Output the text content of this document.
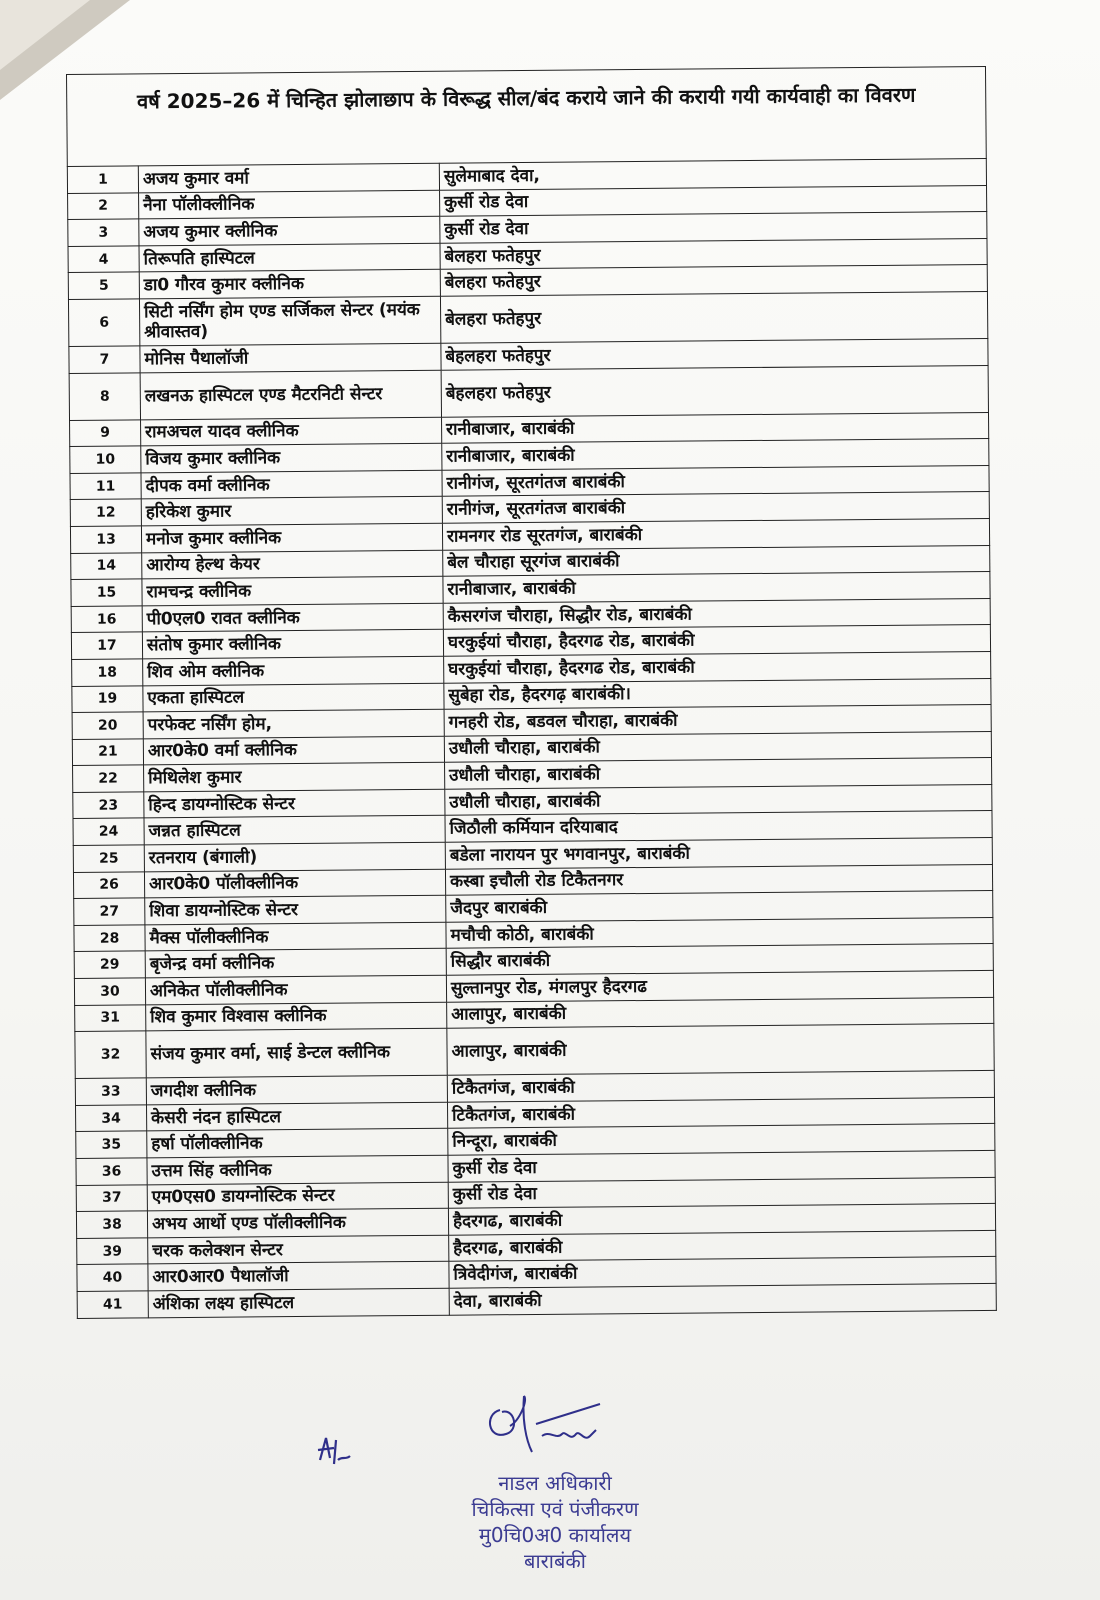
वर्ष 2025–26 में चिन्हित झोलाछाप के विरूद्ध सील/बंद कराये जाने की करायी गयी कार्यवाही का विवरण
1	अजय कुमार वर्मा	सुलेमाबाद देवा,
2	नैना पॉलीक्लीनिक	कुर्सी रोड देवा
3	अजय कुमार क्लीनिक	कुर्सी रोड देवा
4	तिरूपति हास्पिटल	बेलहरा फतेहपुर
5	डा0 गौरव कुमार क्लीनिक	बेलहरा फतेहपुर
6	सिटी नर्सिंग होम एण्ड सर्जिकल सेन्टर (मयंक श्रीवास्तव)	बेलहरा फतेहपुर
7	मोनिस पैथालॉजी	बेहलहरा फतेहपुर
8	लखनऊ हास्पिटल एण्ड मैटरनिटी सेन्टर	बेहलहरा फतेहपुर
9	रामअचल यादव क्लीनिक	रानीबाजार, बाराबंकी
10	विजय कुमार क्लीनिक	रानीबाजार, बाराबंकी
11	दीपक वर्मा क्लीनिक	रानीगंज, सूरतगंतज बाराबंकी
12	हरिकेश कुमार	रानीगंज, सूरतगंतज बाराबंकी
13	मनोज कुमार क्लीनिक	रामनगर रोड सूरतगंज, बाराबंकी
14	आरोग्य हेल्थ केयर	बेल चौराहा सूरगंज बाराबंकी
15	रामचन्द्र क्लीनिक	रानीबाजार, बाराबंकी
16	पी0एल0 रावत क्लीनिक	कैसरगंज चौराहा, सिद्धौर रोड, बाराबंकी
17	संतोष कुमार क्लीनिक	घरकुईयां चौराहा, हैदरगढ रोड, बाराबंकी
18	शिव ओम क्लीनिक	घरकुईयां चौराहा, हैदरगढ रोड, बाराबंकी
19	एकता हास्पिटल	सुबेहा रोड, हैदरगढ़ बाराबंकी।
20	परफेक्ट नर्सिंग होम,	गनहरी रोड, बडवल चौराहा, बाराबंकी
21	आर0के0 वर्मा क्लीनिक	उधौली चौराहा, बाराबंकी
22	मिथिलेश कुमार	उधौली चौराहा, बाराबंकी
23	हिन्द डायग्नोस्टिक सेन्टर	उधौली चौराहा, बाराबंकी
24	जन्नत हास्पिटल	जिठौली कर्मियान दरियाबाद
25	रतनराय (बंगाली)	बडेला नारायन पुर भगवानपुर, बाराबंकी
26	आर0के0 पॉलीक्लीनिक	कस्बा इचौली रोड टिकैतनगर
27	शिवा डायग्नोस्टिक सेन्टर	जैदपुर बाराबंकी
28	मैक्स पॉलीक्लीनिक	मचौची कोठी, बाराबंकी
29	बृजेन्द्र वर्मा क्लीनिक	सिद्धौर बाराबंकी
30	अनिकेत पॉलीक्लीनिक	सुल्तानपुर रोड, मंगलपुर हैदरगढ
31	शिव कुमार विश्वास क्लीनिक	आलापुर, बाराबंकी
32	संजय कुमार वर्मा, साई डेन्टल क्लीनिक	आलापुर, बाराबंकी
33	जगदीश क्लीनिक	टिकैतगंज, बाराबंकी
34	केसरी नंदन हास्पिटल	टिकैतगंज, बाराबंकी
35	हर्षा पॉलीक्लीनिक	निन्दूरा, बाराबंकी
36	उत्तम सिंह क्लीनिक	कुर्सी रोड देवा
37	एम0एस0 डायग्नोस्टिक सेन्टर	कुर्सी रोड देवा
38	अभय आर्थो एण्ड पॉलीक्लीनिक	हैदरगढ, बाराबंकी
39	चरक कलेक्शन सेन्टर	हैदरगढ, बाराबंकी
40	आर0आर0 पैथालॉजी	त्रिवेदीगंज, बाराबंकी
41	अंशिका लक्ष्य हास्पिटल	देवा, बाराबंकी
नाडल अधिकारी
चिकित्सा एवं पंजीकरण
मु0चि0अ0 कार्यालय
बाराबंकी
